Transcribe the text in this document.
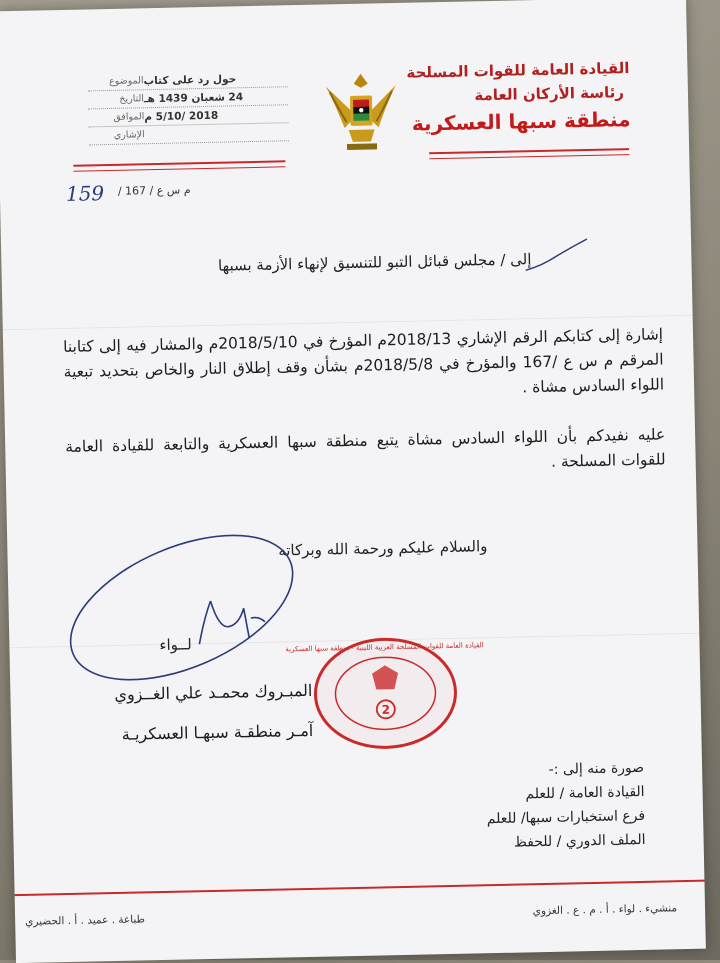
القيادة العامة للقوات المسلحة
رئاسة الأركان العامة
منطقة سبها العسكرية
الموضوع حول رد على كتاب
التاريخ 24 شعبان 1439 هـ
الموافق 2018 /5/10 م
الإشاري
م س ع / 167 /
159
إلى / مجلس قبائل التبو للتنسيق لإنهاء الأزمة بسبها
إشارة إلى كتابكم الرقم الإشاري 2018/13م المؤرخ في 2018/5/10م والمشار فيه إلى كتابنا المرقم م س ع /167 والمؤرخ في 2018/5/8م بشأن وقف إطلاق النار والخاص بتحديد تبعية اللواء السادس مشاة .
عليه نفيدكم بأن اللواء السادس مشاة يتبع منطقة سبها العسكرية والتابعة للقيادة العامة للقوات المسلحة .
والسلام عليكم ورحمة الله وبركاته
لــواء
المبـروك محمـد علي الغــزوي
آمـر منطقـة سبهـا العسكريـة
2
القيادة العامة للقوات المسلحة العربية الليبية - منطقة سبها العسكرية
صورة منه إلى :-
القيادة العامة / للعلم
فرع استخبارات سبها/ للعلم
الملف الدوري / للحفظ
طباعة . عميد . أ . الحضيري
منشيء . لواء . أ . م . ع . الغزوي
